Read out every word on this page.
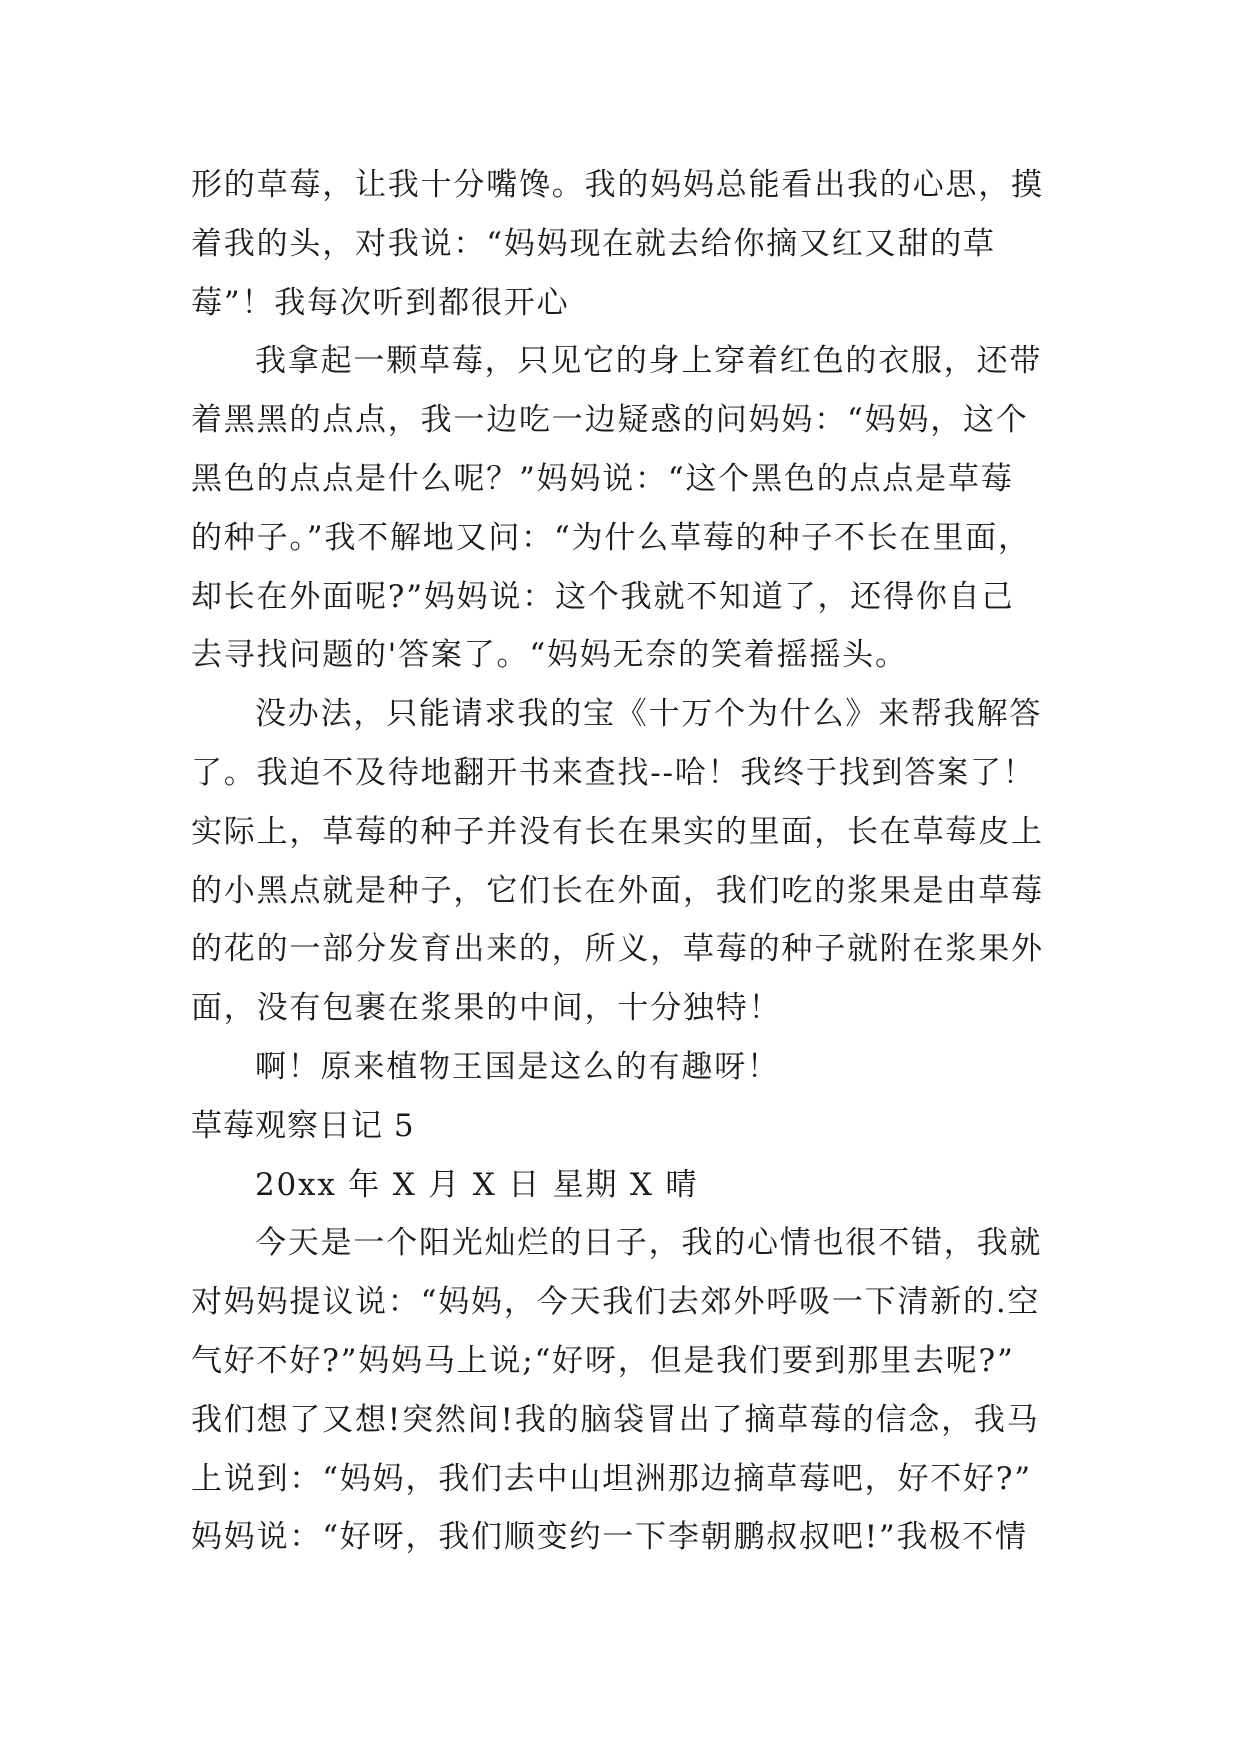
形的草莓，让我十分嘴馋。我的妈妈总能看出我的心思，摸
着我的头，对我说：“妈妈现在就去给你摘又红又甜的草
莓”！我每次听到都很开心
我拿起一颗草莓，只见它的身上穿着红色的衣服，还带
着黑黑的点点，我一边吃一边疑惑的问妈妈：“妈妈，这个
黑色的点点是什么呢？”妈妈说：“这个黑色的点点是草莓
的种子。”我不解地又问：“为什么草莓的种子不长在里面，
却长在外面呢?”妈妈说：这个我就不知道了，还得你自己
去寻找问题的'答案了。“妈妈无奈的笑着摇摇头。
没办法，只能请求我的宝《十万个为什么》来帮我解答
了。我迫不及待地翻开书来查找--哈！我终于找到答案了！
实际上，草莓的种子并没有长在果实的里面，长在草莓皮上
的小黑点就是种子，它们长在外面，我们吃的浆果是由草莓
的花的一部分发育出来的，所义，草莓的种子就附在浆果外
面，没有包裹在浆果的中间，十分独特！
啊！原来植物王国是这么的有趣呀！
草莓观察日记 5
20xx 年 X 月 X 日 星期 X 晴
今天是一个阳光灿烂的日子，我的心情也很不错，我就
对妈妈提议说：“妈妈，今天我们去郊外呼吸一下清新的.空
气好不好?”妈妈马上说;“好呀，但是我们要到那里去呢?”
我们想了又想!突然间!我的脑袋冒出了摘草莓的信念，我马
上说到：“妈妈，我们去中山坦洲那边摘草莓吧，好不好?”
妈妈说：“好呀，我们顺变约一下李朝鹏叔叔吧!”我极不情
